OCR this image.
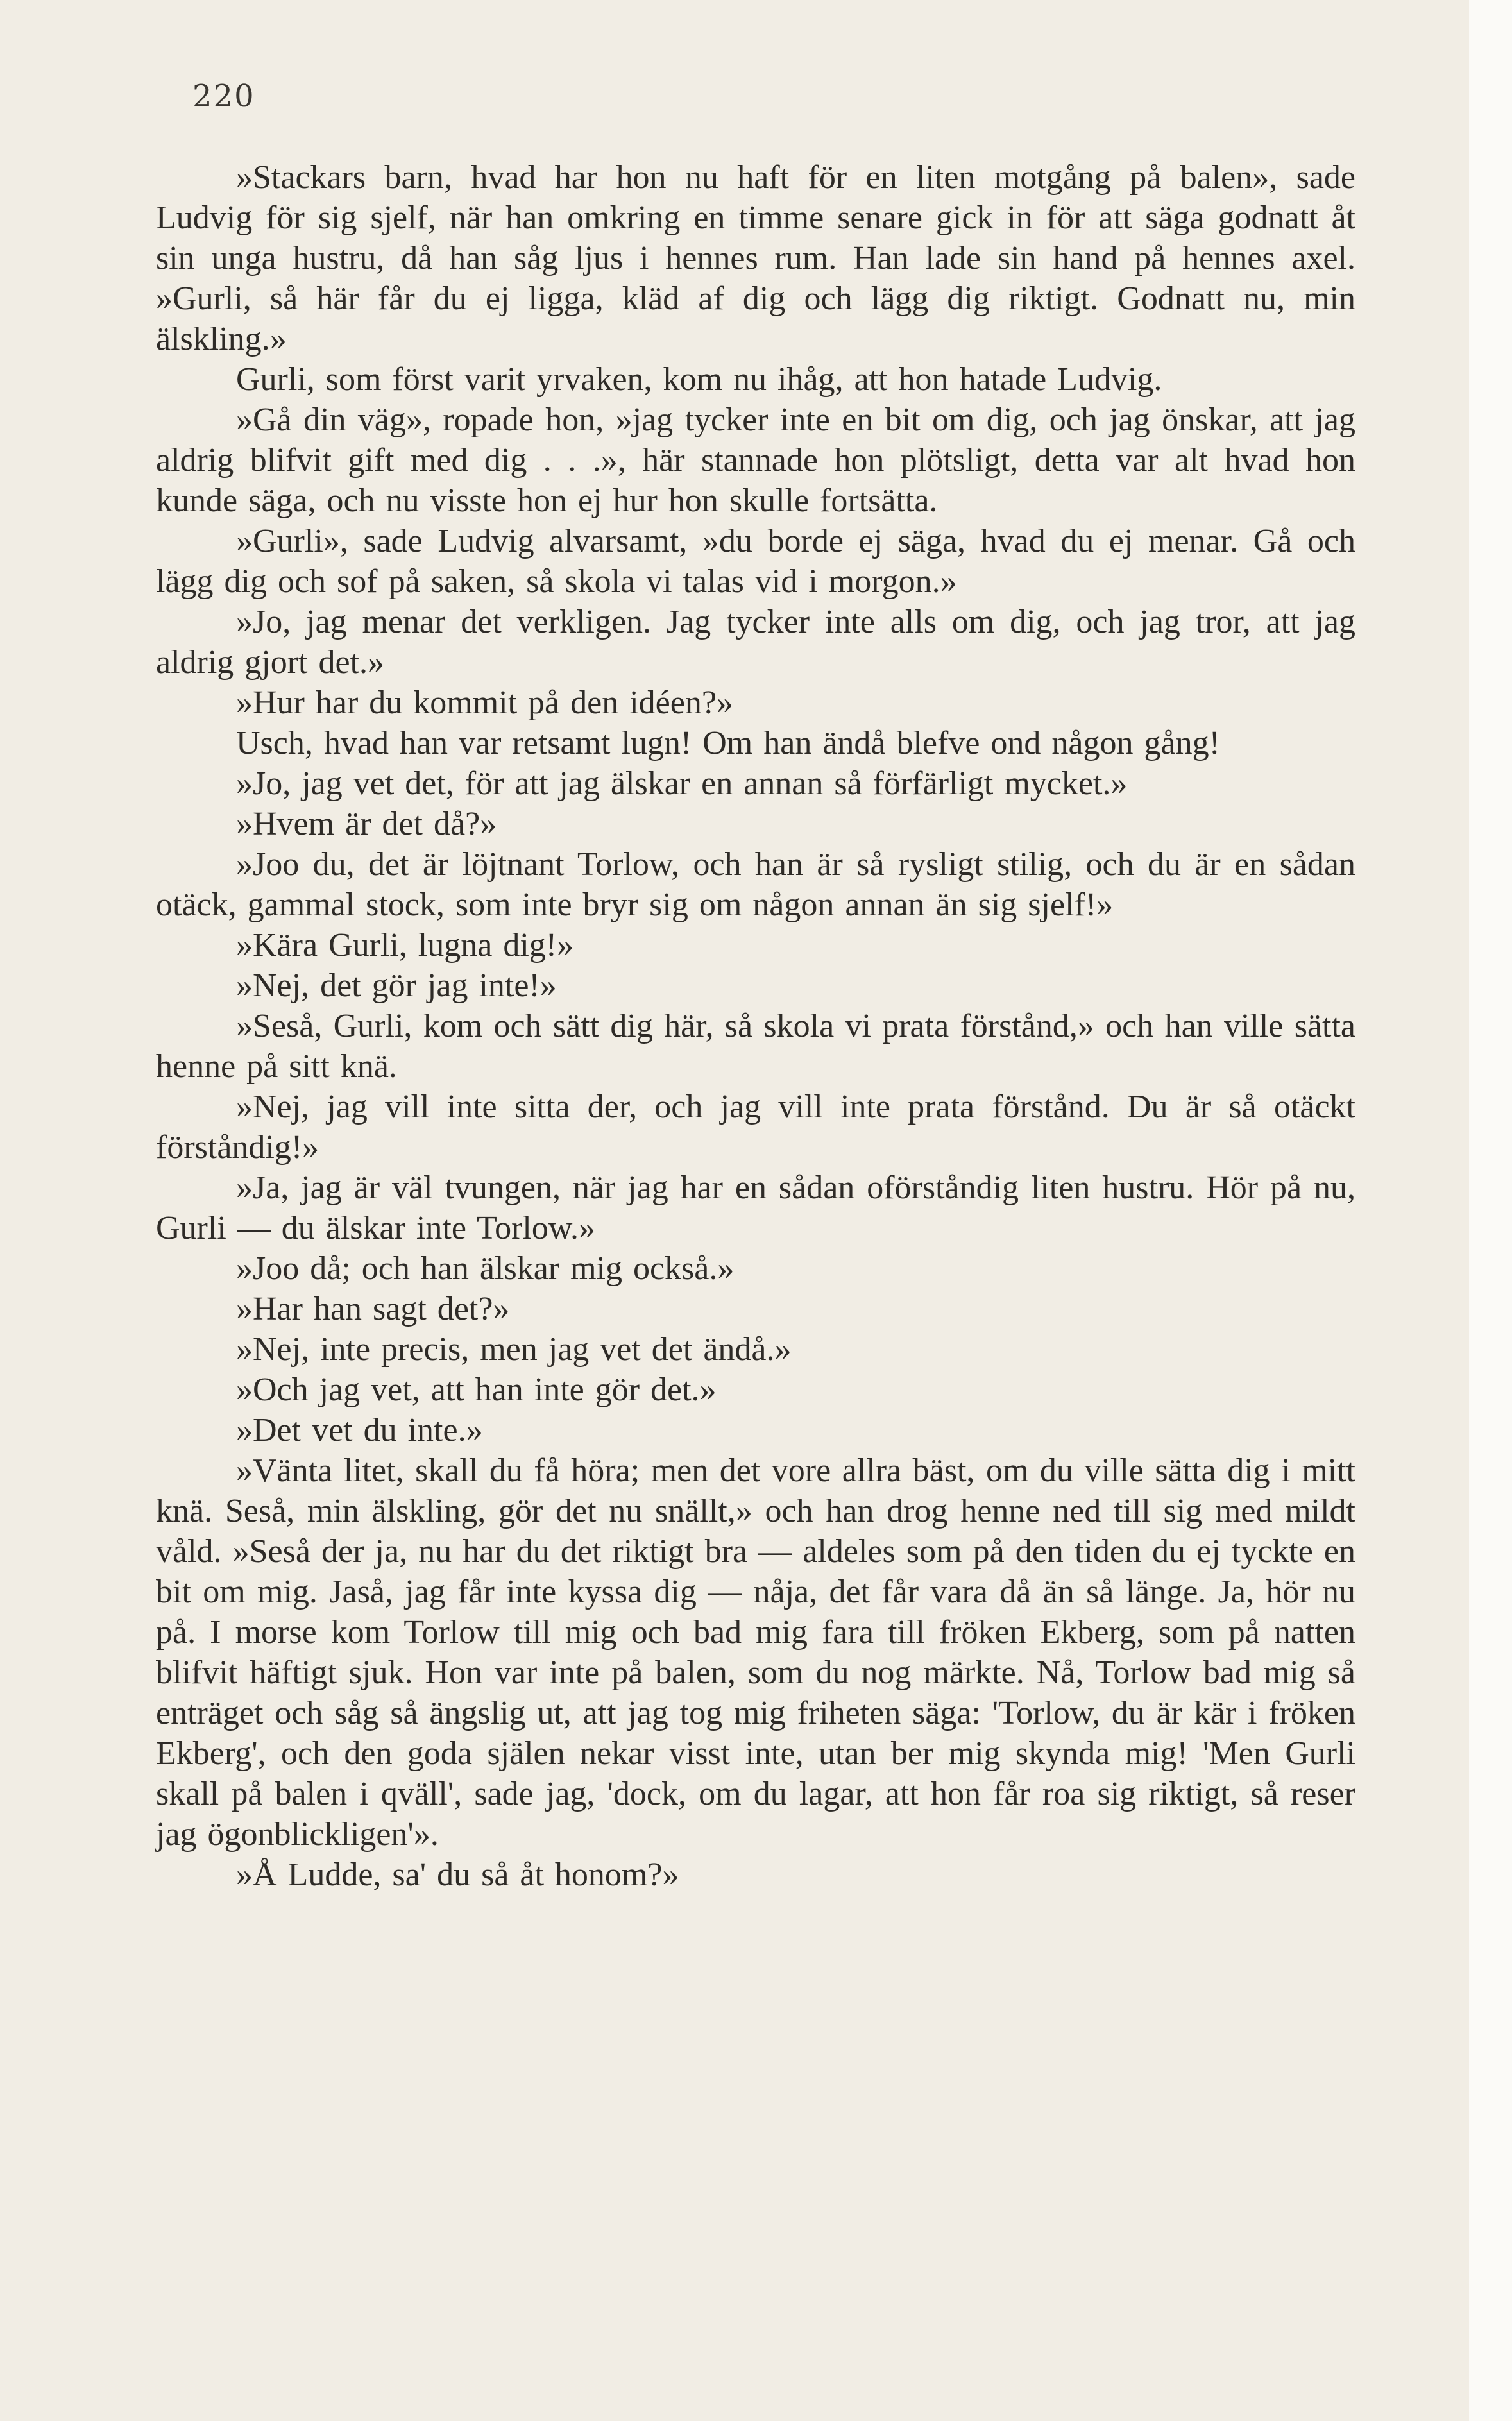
220

»Stackars barn, hvad har hon nu haft för en liten motgång på balen», sade Ludvig för sig sjelf, när han omkring en timme senare gick in för att säga godnatt åt sin unga hustru, då han såg ljus i hennes rum. Han lade sin hand på hennes axel. »Gurli, så här får du ej ligga, kläd af dig och lägg dig riktigt. Godnatt nu, min älskling.»

Gurli, som först varit yrvaken, kom nu ihåg, att hon hatade Ludvig.

»Gå din väg», ropade hon, »jag tycker inte en bit om dig, och jag önskar, att jag aldrig blifvit gift med dig . . .», här stannade hon plötsligt, detta var alt hvad hon kunde säga, och nu visste hon ej hur hon skulle fortsätta.

»Gurli», sade Ludvig alvarsamt, »du borde ej säga, hvad du ej menar. Gå och lägg dig och sof på saken, så skola vi talas vid i morgon.»

»Jo, jag menar det verkligen. Jag tycker inte alls om dig, och jag tror, att jag aldrig gjort det.»

»Hur har du kommit på den idéen?»

Usch, hvad han var retsamt lugn! Om han ändå blefve ond någon gång!

»Jo, jag vet det, för att jag älskar en annan så förfärligt mycket.»

»Hvem är det då?»

»Joo du, det är löjtnant Torlow, och han är så rysligt stilig, och du är en sådan otäck, gammal stock, som inte bryr sig om någon annan än sig sjelf!»

»Kära Gurli, lugna dig!»

»Nej, det gör jag inte!»

»Seså, Gurli, kom och sätt dig här, så skola vi prata förstånd,» och han ville sätta henne på sitt knä.

»Nej, jag vill inte sitta der, och jag vill inte prata förstånd. Du är så otäckt förståndig!»

»Ja, jag är väl tvungen, när jag har en sådan oförståndig liten hustru. Hör på nu, Gurli — du älskar inte Torlow.»

»Joo då; och han älskar mig också.»

»Har han sagt det?»

»Nej, inte precis, men jag vet det ändå.»

»Och jag vet, att han inte gör det.»

»Det vet du inte.»

»Vänta litet, skall du få höra; men det vore allra bäst, om du ville sätta dig i mitt knä. Seså, min älskling, gör det nu snällt,» och han drog henne ned till sig med mildt våld. »Seså der ja, nu har du det riktigt bra — aldeles som på den tiden du ej tyckte en bit om mig. Jaså, jag får inte kyssa dig — nåja, det får vara då än så länge. Ja, hör nu på. I morse kom Torlow till mig och bad mig fara till fröken Ekberg, som på natten blifvit häftigt sjuk. Hon var inte på balen, som du nog märkte. Nå, Torlow bad mig så enträget och såg så ängslig ut, att jag tog mig friheten säga: 'Torlow, du är kär i fröken Ekberg', och den goda själen nekar visst inte, utan ber mig skynda mig! 'Men Gurli skall på balen i qväll', sade jag, 'dock, om du lagar, att hon får roa sig riktigt, så reser jag ögonblickligen'».

»Å Ludde, sa' du så åt honom?»
